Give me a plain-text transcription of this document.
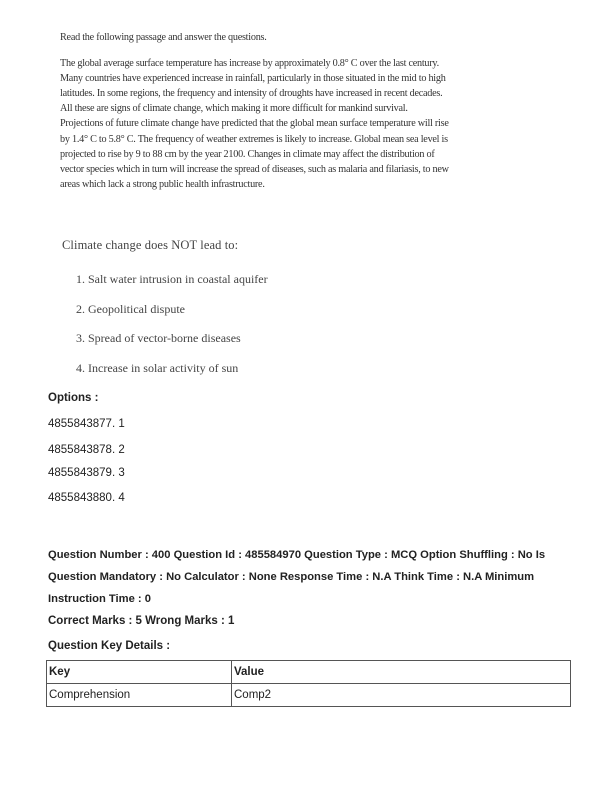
Read the following passage and answer the questions.

The global average surface temperature has increase by approximately 0.8° C over the last century. Many countries have experienced increase in rainfall, particularly in those situated in the mid to high latitudes. In some regions, the frequency and intensity of droughts have increased in recent decades. All these are signs of climate change, which making it more difficult for mankind survival. Projections of future climate change have predicted that the global mean surface temperature will rise by 1.4° C to 5.8° C. The frequency of weather extremes is likely to increase. Global mean sea level is projected to rise by 9 to 88 cm by the year 2100. Changes in climate may affect the distribution of vector species which in turn will increase the spread of diseases, such as malaria and filariasis, to new areas which lack a strong public health infrastructure.

Climate change does NOT lead to:
1. Salt water intrusion in coastal aquifer
2. Geopolitical dispute
3. Spread of vector-borne diseases
4. Increase in solar activity of sun
Options :
4855843877. 1
4855843878. 2
4855843879. 3
4855843880. 4
Question Number : 400 Question Id : 485584970 Question Type : MCQ Option Shuffling : No Is
Question Mandatory : No Calculator : None Response Time : N.A Think Time : N.A Minimum
Instruction Time : 0
Correct Marks : 5 Wrong Marks : 1
Question Key Details :
Key	Value
Comprehension	Comp2
